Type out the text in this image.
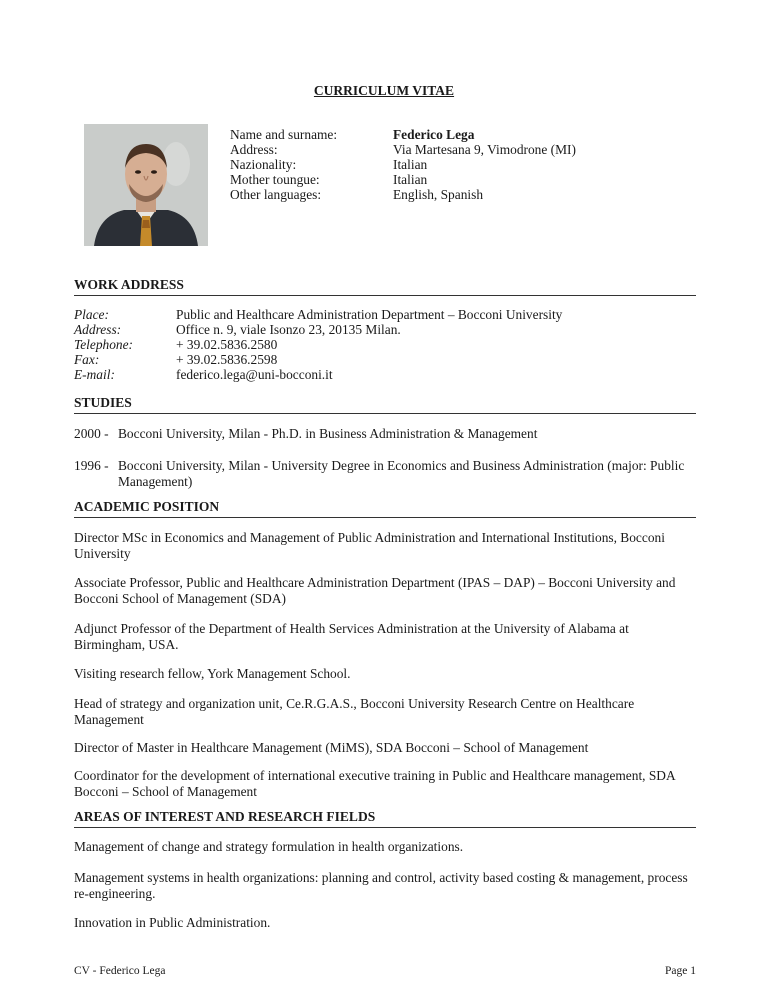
CURRICULUM VITAE
Name and surname:
Address:
Nazionality:
Mother toungue:
Other languages:
Federico Lega
Via Martesana 9, Vimodrone (MI)
Italian
Italian
English, Spanish
WORK ADDRESS
Place:
Address:
Telephone:
Fax:
E-mail:
Public and Healthcare Administration Department – Bocconi University
Office n. 9, viale Isonzo 23, 20135 Milan.
+ 39.02.5836.2580
+ 39.02.5836.2598
federico.lega@uni-bocconi.it
STUDIES
2000 - Bocconi University, Milan - Ph.D. in Business Administration & Management
1996 - Bocconi University, Milan - University Degree in Economics and Business Administration (major: Public Management)
ACADEMIC POSITION
Director MSc in Economics and Management of Public Administration and International Institutions, Bocconi University
Associate Professor, Public and Healthcare Administration Department (IPAS – DAP) – Bocconi University and Bocconi School of Management (SDA)
Adjunct Professor of the Department of Health Services Administration at the University of Alabama at Birmingham, USA.
Visiting research fellow, York Management School.
Head of strategy and organization unit, Ce.R.G.A.S., Bocconi University Research Centre on Healthcare Management
Director of Master in Healthcare Management (MiMS), SDA Bocconi – School of Management
Coordinator for the development of international executive training in Public and Healthcare management, SDA Bocconi – School of Management
AREAS OF INTEREST AND RESEARCH FIELDS
Management of change and strategy formulation in health organizations.
Management systems in health organizations: planning and control, activity based costing & management, process re-engineering.
Innovation in Public Administration.
CV - Federico Lega	Page 1
